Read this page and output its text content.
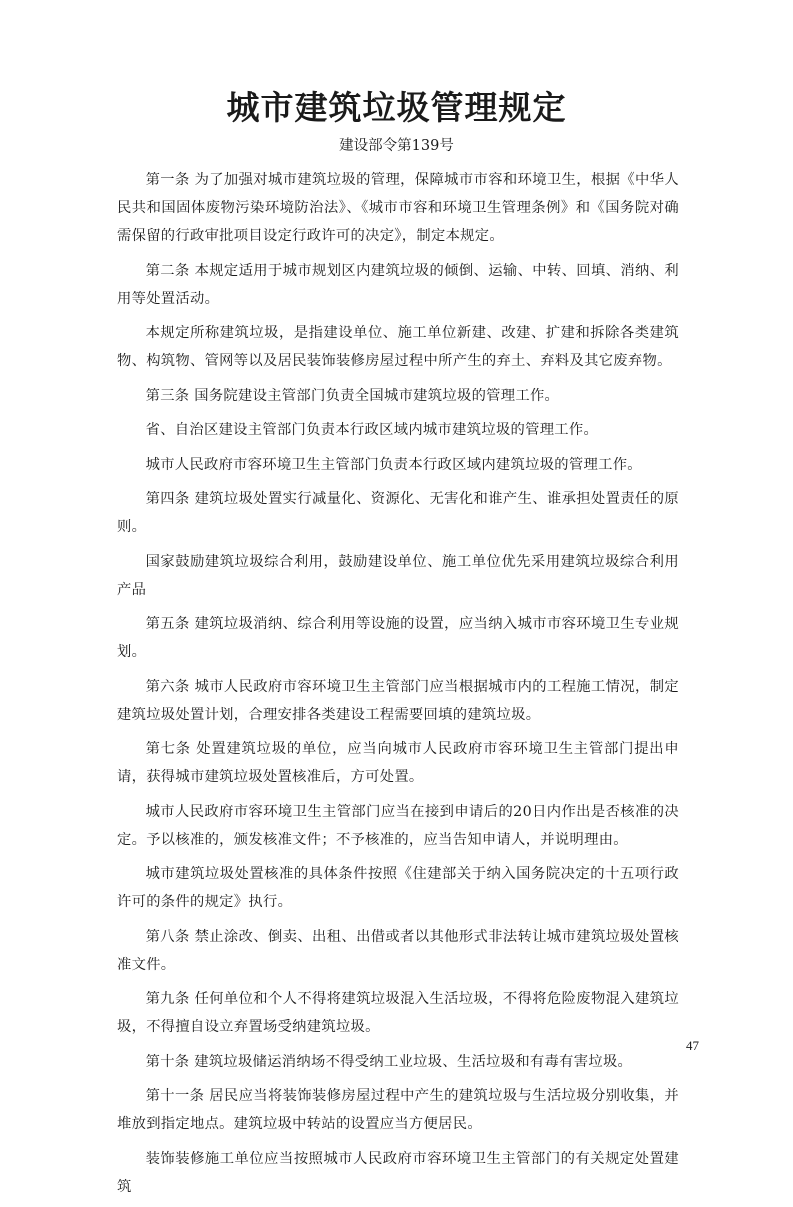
城市建筑垃圾管理规定
建设部令第139号

第一条 为了加强对城市建筑垃圾的管理，保障城市市容和环境卫生，根据《中华人民共和国固体废物污染环境防治法》、《城市市容和环境卫生管理条例》和《国务院对确需保留的行政审批项目设定行政许可的决定》，制定本规定。

第二条 本规定适用于城市规划区内建筑垃圾的倾倒、运输、中转、回填、消纳、利用等处置活动。

本规定所称建筑垃圾，是指建设单位、施工单位新建、改建、扩建和拆除各类建筑物、构筑物、管网等以及居民装饰装修房屋过程中所产生的弃土、弃料及其它废弃物。

第三条 国务院建设主管部门负责全国城市建筑垃圾的管理工作。

省、自治区建设主管部门负责本行政区域内城市建筑垃圾的管理工作。

城市人民政府市容环境卫生主管部门负责本行政区域内建筑垃圾的管理工作。

第四条 建筑垃圾处置实行减量化、资源化、无害化和谁产生、谁承担处置责任的原则。

国家鼓励建筑垃圾综合利用，鼓励建设单位、施工单位优先采用建筑垃圾综合利用产品

第五条 建筑垃圾消纳、综合利用等设施的设置，应当纳入城市市容环境卫生专业规划。

第六条 城市人民政府市容环境卫生主管部门应当根据城市内的工程施工情况，制定建筑垃圾处置计划，合理安排各类建设工程需要回填的建筑垃圾。

第七条 处置建筑垃圾的单位，应当向城市人民政府市容环境卫生主管部门提出申请，获得城市建筑垃圾处置核准后，方可处置。

城市人民政府市容环境卫生主管部门应当在接到申请后的20日内作出是否核准的决定。予以核准的，颁发核准文件；不予核准的，应当告知申请人，并说明理由。

城市建筑垃圾处置核准的具体条件按照《住建部关于纳入国务院决定的十五项行政许可的条件的规定》执行。

第八条 禁止涂改、倒卖、出租、出借或者以其他形式非法转让城市建筑垃圾处置核准文件。

第九条 任何单位和个人不得将建筑垃圾混入生活垃圾，不得将危险废物混入建筑垃圾，不得擅自设立弃置场受纳建筑垃圾。

第十条 建筑垃圾储运消纳场不得受纳工业垃圾、生活垃圾和有毒有害垃圾。

第十一条 居民应当将装饰装修房屋过程中产生的建筑垃圾与生活垃圾分别收集，并堆放到指定地点。建筑垃圾中转站的设置应当方便居民。

装饰装修施工单位应当按照城市人民政府市容环境卫生主管部门的有关规定处置建筑

47
